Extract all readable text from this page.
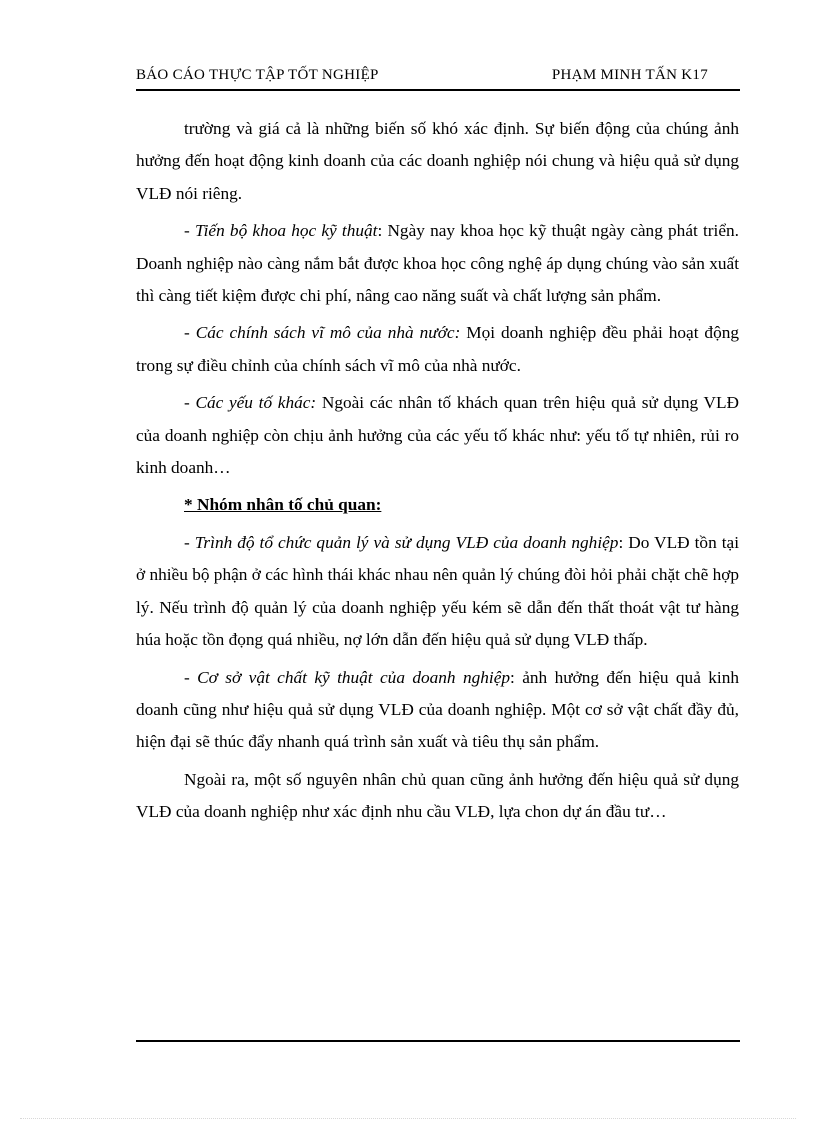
BÁO CÁO THỰC TẬP TỐT NGHIỆP	PHẠM MINH TẤN K17

trường và giá cả là những biến số khó xác định. Sự biến động của chúng ảnh hưởng đến hoạt động kinh doanh của các doanh nghiệp nói chung và hiệu quả sử dụng VLĐ nói riêng.

- Tiến bộ khoa học kỹ thuật: Ngày nay khoa học kỹ thuật ngày càng phát triển. Doanh nghiệp nào càng nắm bắt được khoa học công nghệ áp dụng chúng vào sản xuất thì càng tiết kiệm được chi phí, nâng cao năng suất và chất lượng sản phẩm.

- Các chính sách vĩ mô của nhà nước: Mọi doanh nghiệp đều phải hoạt động trong sự điều chỉnh của chính sách vĩ mô của nhà nước.

- Các yếu tố khác: Ngoài các nhân tố khách quan trên hiệu quả sử dụng VLĐ của doanh nghiệp còn chịu ảnh hưởng của các yếu tố khác như: yếu tố tự nhiên, rủi ro kinh doanh…

* Nhóm nhân tố chủ quan:

- Trình độ tổ chức quản lý và sử dụng VLĐ của doanh nghiệp: Do VLĐ tồn tại ở nhiều bộ phận ở các hình thái khác nhau nên quản lý chúng đòi hỏi phải chặt chẽ hợp lý. Nếu trình độ quản lý của doanh nghiệp yếu kém sẽ dẫn đến thất thoát vật tư hàng húa hoặc tồn đọng quá nhiều, nợ lớn dẫn đến hiệu quả sử dụng VLĐ thấp.

- Cơ sở vật chất kỹ thuật của doanh nghiệp: ảnh hưởng đến hiệu quả kinh doanh cũng như hiệu quả sử dụng VLĐ của doanh nghiệp. Một cơ sở vật chất đầy đủ, hiện đại sẽ thúc đẩy nhanh quá trình sản xuất và tiêu thụ sản phẩm.

Ngoài ra, một số nguyên nhân chủ quan cũng ảnh hưởng đến hiệu quả sử dụng VLĐ của doanh nghiệp như xác định nhu cầu VLĐ, lựa chon dự án đầu tư…
